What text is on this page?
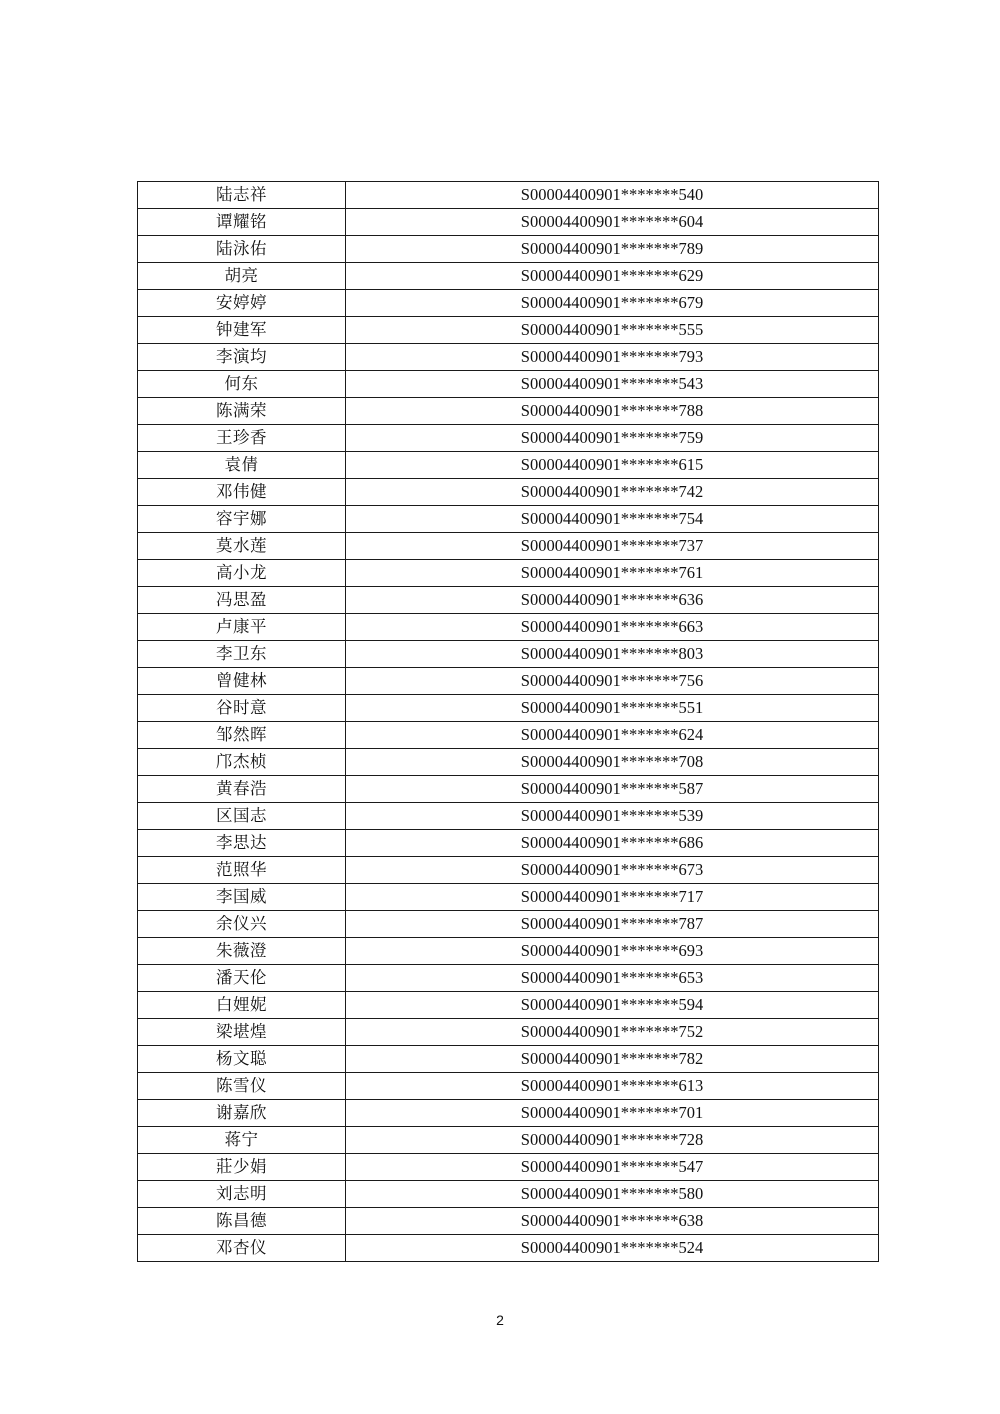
陆志祥	S00004400901*******540
谭耀铭	S00004400901*******604
陆泳佑	S00004400901*******789
胡亮	S00004400901*******629
安婷婷	S00004400901*******679
钟建军	S00004400901*******555
李演均	S00004400901*******793
何东	S00004400901*******543
陈满荣	S00004400901*******788
王珍香	S00004400901*******759
袁倩	S00004400901*******615
邓伟健	S00004400901*******742
容宇娜	S00004400901*******754
莫水莲	S00004400901*******737
高小龙	S00004400901*******761
冯思盈	S00004400901*******636
卢康平	S00004400901*******663
李卫东	S00004400901*******803
曾健林	S00004400901*******756
谷时意	S00004400901*******551
邹然晖	S00004400901*******624
邝杰桢	S00004400901*******708
黄春浩	S00004400901*******587
区国志	S00004400901*******539
李思达	S00004400901*******686
范照华	S00004400901*******673
李国威	S00004400901*******717
余仪兴	S00004400901*******787
朱薇澄	S00004400901*******693
潘天伦	S00004400901*******653
白娌妮	S00004400901*******594
梁堪煌	S00004400901*******752
杨文聪	S00004400901*******782
陈雪仪	S00004400901*******613
谢嘉欣	S00004400901*******701
蒋宁	S00004400901*******728
莊少娟	S00004400901*******547
刘志明	S00004400901*******580
陈昌德	S00004400901*******638
邓杏仪	S00004400901*******524
2
